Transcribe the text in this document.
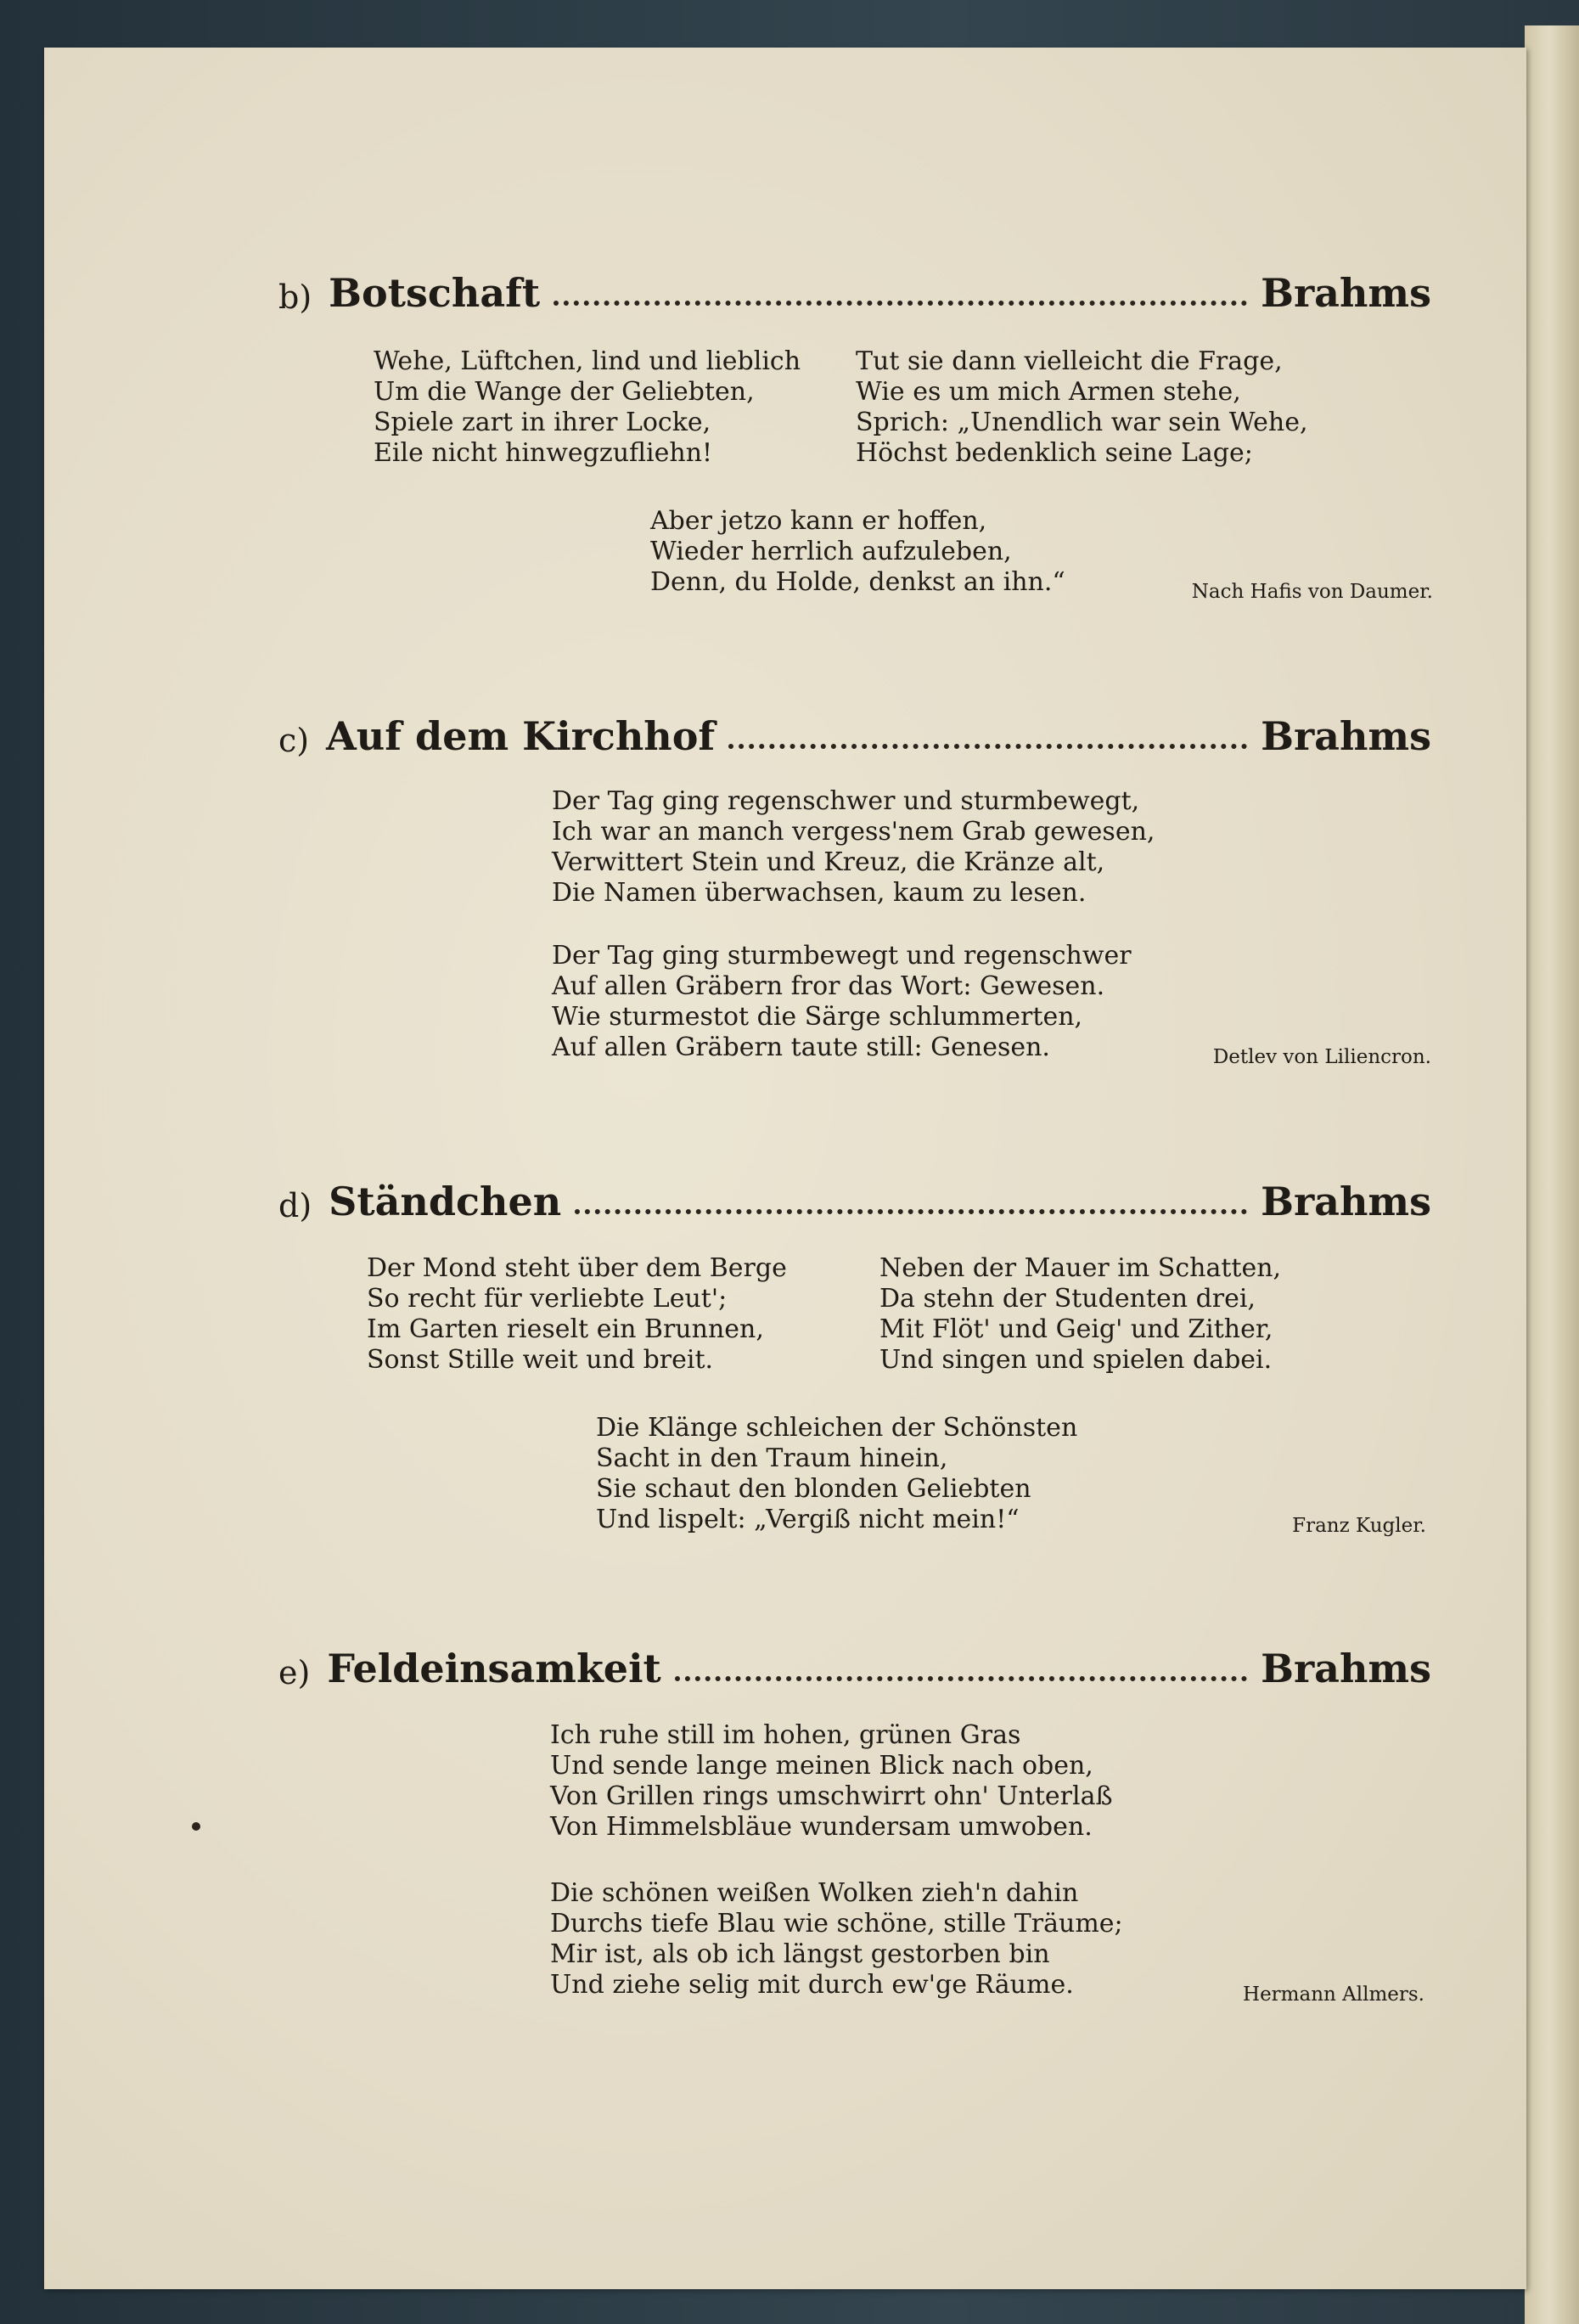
b) Botschaft	Brahms
Wehe, Lüftchen, lind und lieblich
Um die Wange der Geliebten,
Spiele zart in ihrer Locke,
Eile nicht hinwegzufliehn!
Tut sie dann vielleicht die Frage,
Wie es um mich Armen stehe,
Sprich: „Unendlich war sein Wehe,
Höchst bedenklich seine Lage;
Aber jetzo kann er hoffen,
Wieder herrlich aufzuleben,
Denn, du Holde, denkst an ihn.“	Nach Hafis von Daumer.
c) Auf dem Kirchhof	Brahms
Der Tag ging regenschwer und sturmbewegt,
Ich war an manch vergess'nem Grab gewesen,
Verwittert Stein und Kreuz, die Kränze alt,
Die Namen überwachsen, kaum zu lesen.
Der Tag ging sturmbewegt und regenschwer
Auf allen Gräbern fror das Wort: Gewesen.
Wie sturmestot die Särge schlummerten,
Auf allen Gräbern taute still: Genesen.	Detlev von Liliencron.
d) Ständchen	Brahms
Der Mond steht über dem Berge
So recht für verliebte Leut';
Im Garten rieselt ein Brunnen,
Sonst Stille weit und breit.
Neben der Mauer im Schatten,
Da stehn der Studenten drei,
Mit Flöt' und Geig' und Zither,
Und singen und spielen dabei.
Die Klänge schleichen der Schönsten
Sacht in den Traum hinein,
Sie schaut den blonden Geliebten
Und lispelt: „Vergiß nicht mein!“	Franz Kugler.
e) Feldeinsamkeit	Brahms
Ich ruhe still im hohen, grünen Gras
Und sende lange meinen Blick nach oben,
Von Grillen rings umschwirrt ohn' Unterlaß
Von Himmelsbläue wundersam umwoben.
Die schönen weißen Wolken zieh'n dahin
Durchs tiefe Blau wie schöne, stille Träume;
Mir ist, als ob ich längst gestorben bin
Und ziehe selig mit durch ew'ge Räume.	Hermann Allmers.
